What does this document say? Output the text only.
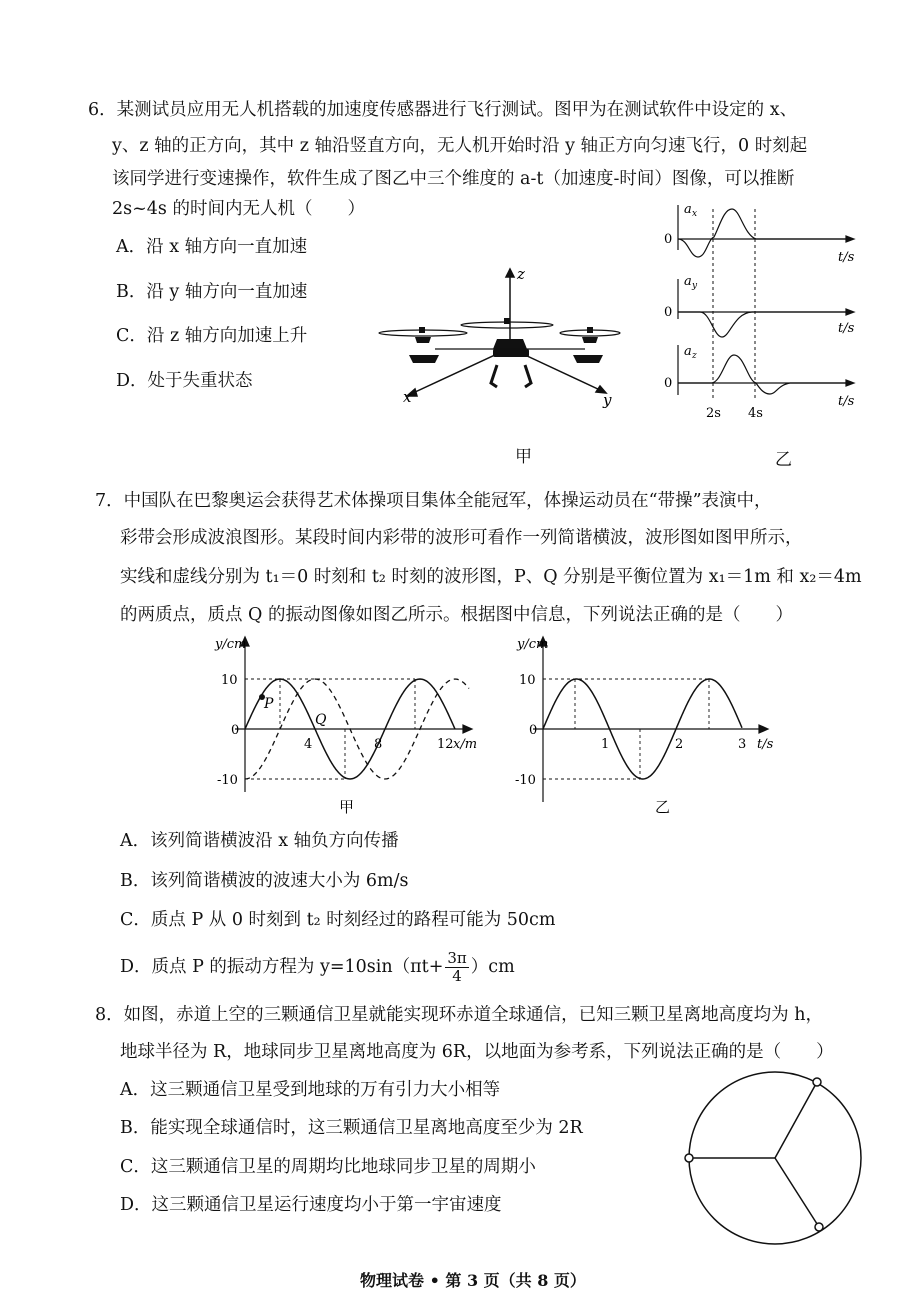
6．某测试员应用无人机搭载的加速度传感器进行飞行测试。图甲为在测试软件中设定的 x、
y、z 轴的正方向，其中 z 轴沿竖直方向，无人机开始时沿 y 轴正方向匀速飞行，0 时刻起
该同学进行变速操作，软件生成了图乙中三个维度的 a-t（加速度-时间）图像，可以推断
2s~4s 的时间内无人机（　　）
A．沿 x 轴方向一直加速
B．沿 y 轴方向一直加速
C．沿 z 轴方向加速上升
D．处于失重状态
x	y
z
甲
a x
a y
a z
0
0
0
t/s
t/s
t/s
2s 4s
乙
7．中国队在巴黎奥运会获得艺术体操项目集体全能冠军，体操运动员在“带操”表演中，
彩带会形成波浪图形。某段时间内彩带的波形可看作一列简谐横波，波形图如图甲所示，
实线和虚线分别为 t₁＝0 时刻和 t₂ 时刻的波形图，P、Q 分别是平衡位置为 x₁＝1m 和 x₂＝4m
的两质点，质点 Q 的振动图像如图乙所示。根据图中信息，下列说法正确的是（　　）
y/cm
10
-10
0
4	8	12 x/m
P
Q
甲
y/cm
10
-10
0
1	2	3 t/s
乙
A．该列简谐横波沿 x 轴负方向传播
B．该列简谐横波的波速大小为 6m/s
C．质点 P 从 0 时刻到 t₂ 时刻经过的路程可能为 50cm
D．质点 P 的振动方程为 $y=10\sin(\pi t+ \frac{3\pi}{4} )cm$
8．如图，赤道上空的三颗通信卫星就能实现环赤道全球通信，已知三颗卫星离地高度均为 h，
地球半径为 R，地球同步卫星离地高度为 6R，以地面为参考系，下列说法正确的是（　　）
A．这三颗通信卫星受到地球的万有引力大小相等
B．能实现全球通信时，这三颗通信卫星离地高度至少为 2R
C．这三颗通信卫星的周期均比地球同步卫星的周期小
D．这三颗通信卫星运行速度均小于第一宇宙速度
物理试卷 • 第 3 页（共 8 页）
